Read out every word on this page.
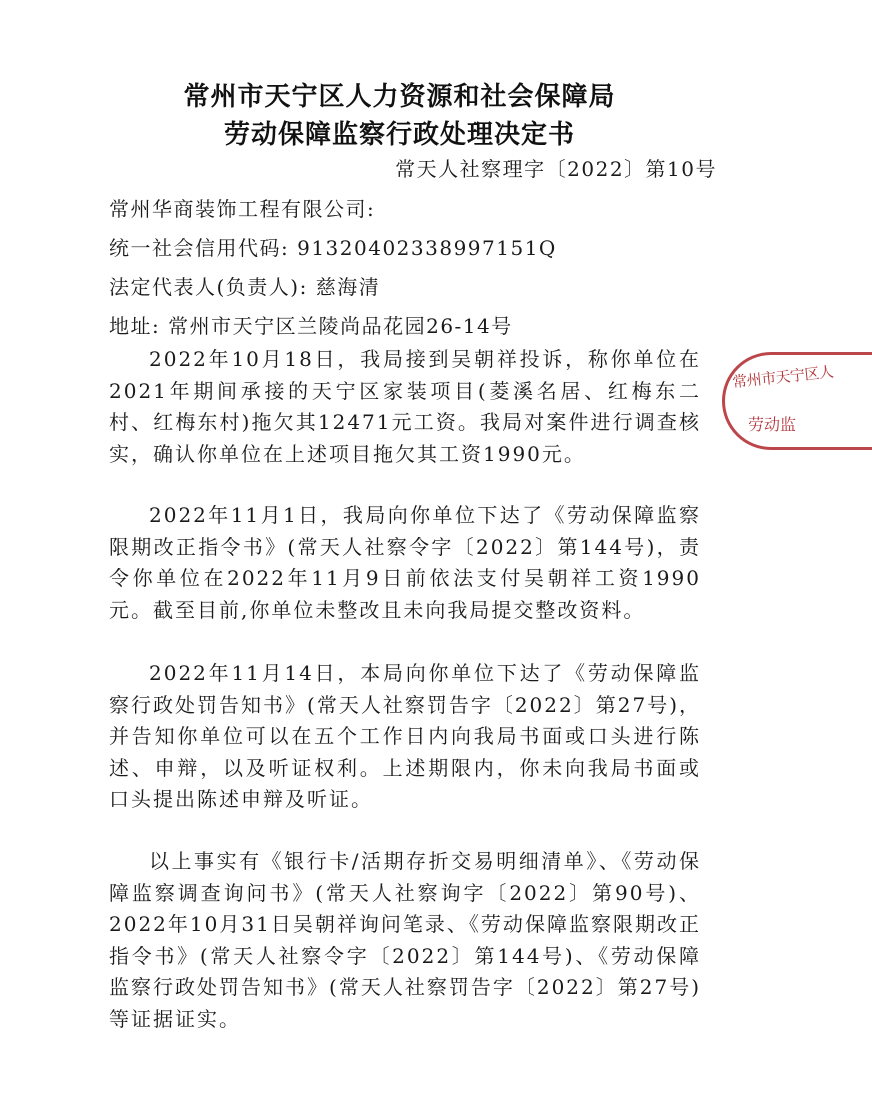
常州市天宁区人力资源和社会保障局
劳动保障监察行政处理决定书
常天人社察理字〔2022〕第10号
常州华商装饰工程有限公司:
统一社会信用代码: 91320402338997151Q
法定代表人(负责人): 慈海清
地址: 常州市天宁区兰陵尚品花园26-14号
2022年10月18日，我局接到吴朝祥投诉，称你单位在2021年期间承接的天宁区家装项目(菱溪名居、红梅东二村、红梅东村)拖欠其12471元工资。我局对案件进行调查核实，确认你单位在上述项目拖欠其工资1990元。
2022年11月1日，我局向你单位下达了《劳动保障监察限期改正指令书》(常天人社察令字〔2022〕第144号)，责令你单位在2022年11月9日前依法支付吴朝祥工资1990元。截至目前,你单位未整改且未向我局提交整改资料。
2022年11月14日，本局向你单位下达了《劳动保障监察行政处罚告知书》(常天人社察罚告字〔2022〕第27号)，并告知你单位可以在五个工作日内向我局书面或口头进行陈述、申辩，以及听证权利。上述期限内，你未向我局书面或口头提出陈述申辩及听证。
以上事实有《银行卡/活期存折交易明细清单》、《劳动保障监察调查询问书》(常天人社察询字〔2022〕第90号)、2022年10月31日吴朝祥询问笔录、《劳动保障监察限期改正指令书》(常天人社察令字〔2022〕第144号)、《劳动保障监察行政处罚告知书》(常天人社察罚告字〔2022〕第27号)等证据证实。
常州市天宁区人
劳动监
